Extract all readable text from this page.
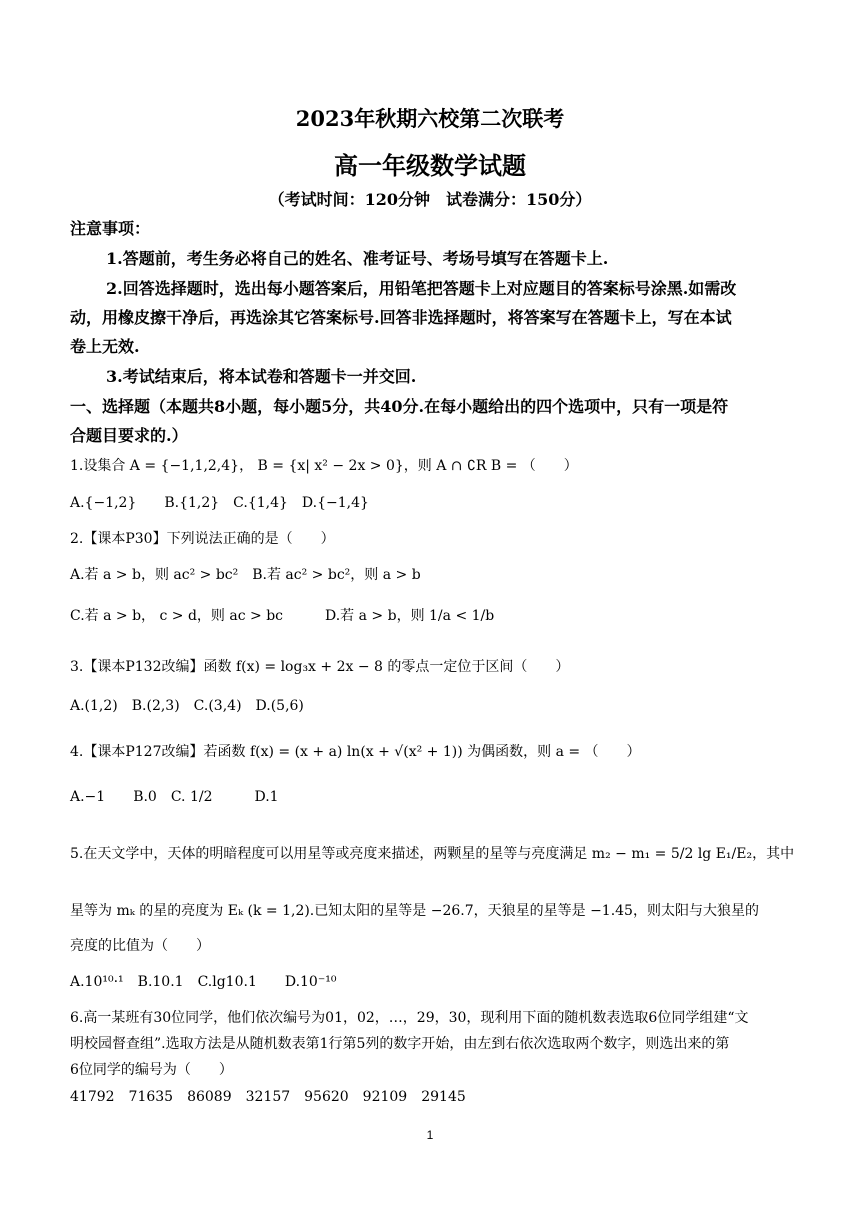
2023年秋期六校第二次联考
高一年级数学试题
（考试时间：120分钟　试卷满分：150分）
注意事项：
1.答题前，考生务必将自己的姓名、准考证号、考场号填写在答题卡上.
2.回答选择题时，选出每小题答案后，用铅笔把答题卡上对应题目的答案标号涂黑.如需改
动，用橡皮擦干净后，再选涂其它答案标号.回答非选择题时，将答案写在答题卡上，写在本试
卷上无效.
3.考试结束后，将本试卷和答题卡一并交回.
一、选择题（本题共8小题，每小题5分，共40分.在每小题给出的四个选项中，只有一项是符
合题目要求的.）
1.设集合 A = {−1,1,2,4}， B = {x| x² − 2x > 0}，则 A ∩ ∁R B = （　　）
A.{−1,2}　　B.{1,2}　C.{1,4}　D.{−1,4}
2.【课本P30】下列说法正确的是（　　）
A.若 a > b，则 ac² > bc²　B.若 ac² > bc²，则 a > b
C.若 a > b， c > d，则 ac > bc　　　D.若 a > b，则 1/a < 1/b
3.【课本P132改编】函数 f(x) = log₃x + 2x − 8 的零点一定位于区间（　　）
A.(1,2)　B.(2,3)　C.(3,4)　D.(5,6)
4.【课本P127改编】若函数 f(x) = (x + a) ln(x + √(x² + 1)) 为偶函数，则 a = （　　）
A.−1　　B.0　C. 1/2　　　D.1
5.在天文学中，天体的明暗程度可以用星等或亮度来描述，两颗星的星等与亮度满足 m₂ − m₁ = 5/2 lg E₁/E₂，其中
星等为 mₖ 的星的亮度为 Eₖ (k = 1,2).已知太阳的星等是 −26.7，天狼星的星等是 −1.45，则太阳与大狼星的
亮度的比值为（　　）
A.10¹⁰·¹　B.10.1　C.lg10.1　　D.10⁻¹⁰
6.高一某班有30位同学，他们依次编号为01，02，…，29，30，现利用下面的随机数表选取6位同学组建“文
明校园督查组”.选取方法是从随机数表第1行第5列的数字开始，由左到右依次选取两个数字，则选出来的第
6位同学的编号为（　　）
41792　71635　86089　32157　95620　92109　29145
1
